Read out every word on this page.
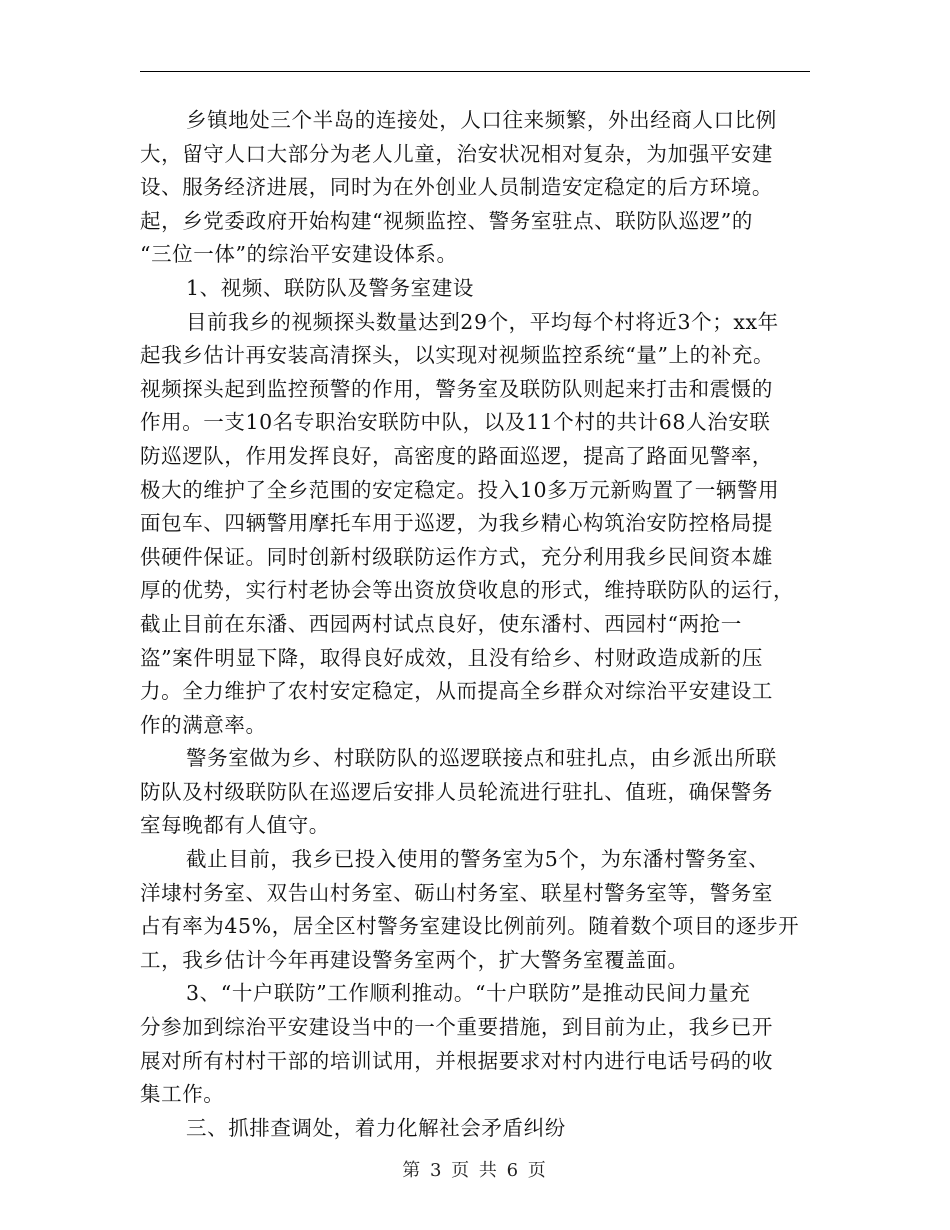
乡镇地处三个半岛的连接处，人口往来频繁，外出经商人口比例
大，留守人口大部分为老人儿童，治安状况相对复杂，为加强平安建
设、服务经济进展，同时为在外创业人员制造安定稳定的后方环境。
起，乡党委政府开始构建“视频监控、警务室驻点、联防队巡逻”的
“三位一体”的综治平安建设体系。
1、视频、联防队及警务室建设
目前我乡的视频探头数量达到29个，平均每个村将近3个；xx年
起我乡估计再安装高清探头，以实现对视频监控系统“量”上的补充。
视频探头起到监控预警的作用，警务室及联防队则起来打击和震慑的
作用。一支10名专职治安联防中队，以及11个村的共计68人治安联
防巡逻队，作用发挥良好，高密度的路面巡逻，提高了路面见警率，
极大的维护了全乡范围的安定稳定。投入10多万元新购置了一辆警用
面包车、四辆警用摩托车用于巡逻，为我乡精心构筑治安防控格局提
供硬件保证。同时创新村级联防运作方式，充分利用我乡民间资本雄
厚的优势，实行村老协会等出资放贷收息的形式，维持联防队的运行，
截止目前在东潘、西园两村试点良好，使东潘村、西园村“两抢一
盗”案件明显下降，取得良好成效，且没有给乡、村财政造成新的压
力。全力维护了农村安定稳定，从而提高全乡群众对综治平安建设工
作的满意率。
警务室做为乡、村联防队的巡逻联接点和驻扎点，由乡派出所联
防队及村级联防队在巡逻后安排人员轮流进行驻扎、值班，确保警务
室每晚都有人值守。
截止目前，我乡已投入使用的警务室为5个，为东潘村警务室、
洋埭村务室、双告山村务室、砺山村务室、联星村警务室等，警务室
占有率为45%，居全区村警务室建设比例前列。随着数个项目的逐步开
工，我乡估计今年再建设警务室两个，扩大警务室覆盖面。
3、“十户联防”工作顺利推动。“十户联防”是推动民间力量充
分参加到综治平安建设当中的一个重要措施，到目前为止，我乡已开
展对所有村村干部的培训试用，并根据要求对村内进行电话号码的收
集工作。
三、抓排查调处，着力化解社会矛盾纠纷
第 3 页 共 6 页
